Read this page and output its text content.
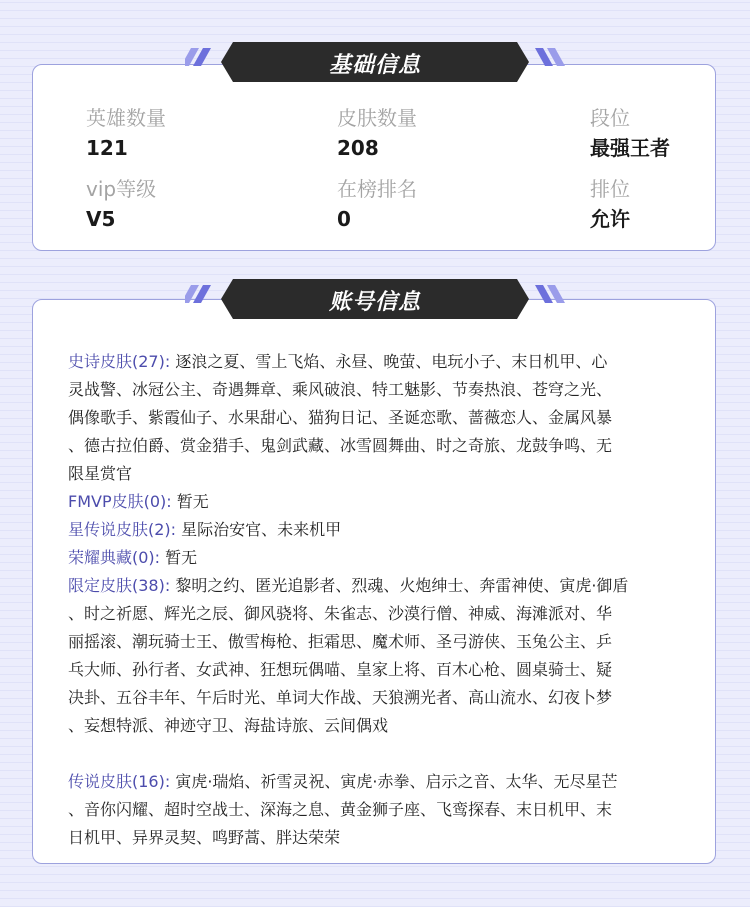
英雄数量
121
皮肤数量
208
段位
最强王者
vip等级
V5
在榜排名
0
排位
允许
基础信息
史诗皮肤(27): 逐浪之夏、雪上飞焰、永昼、晚萤、电玩小子、末日机甲、心
灵战警、冰冠公主、奇遇舞章、乘风破浪、特工魅影、节奏热浪、苍穹之光、
偶像歌手、紫霞仙子、水果甜心、猫狗日记、圣诞恋歌、蔷薇恋人、金属风暴
、德古拉伯爵、赏金猎手、鬼剑武藏、冰雪圆舞曲、时之奇旅、龙鼓争鸣、无
限星赏官
FMVP皮肤(0): 暂无
星传说皮肤(2): 星际治安官、未来机甲
荣耀典藏(0): 暂无
限定皮肤(38): 黎明之约、匿光追影者、烈魂、火炮绅士、奔雷神使、寅虎·御盾
、时之祈愿、辉光之辰、御风骁将、朱雀志、沙漠行僧、神威、海滩派对、华
丽摇滚、潮玩骑士王、傲雪梅枪、拒霜思、魔术师、圣弓游侠、玉兔公主、乒
乓大师、孙行者、女武神、狂想玩偶喵、皇家上将、百木心枪、圆桌骑士、疑
决卦、五谷丰年、午后时光、单词大作战、天狼溯光者、高山流水、幻夜卜梦
、妄想特派、神迹守卫、海盐诗旅、云间偶戏
传说皮肤(16): 寅虎·瑞焰、祈雪灵祝、寅虎·赤拳、启示之音、太华、无尽星芒
、音你闪耀、超时空战士、深海之息、黄金狮子座、飞鸾探春、末日机甲、末
日机甲、异界灵契、鸣野蒿、胖达荣荣
账号信息
